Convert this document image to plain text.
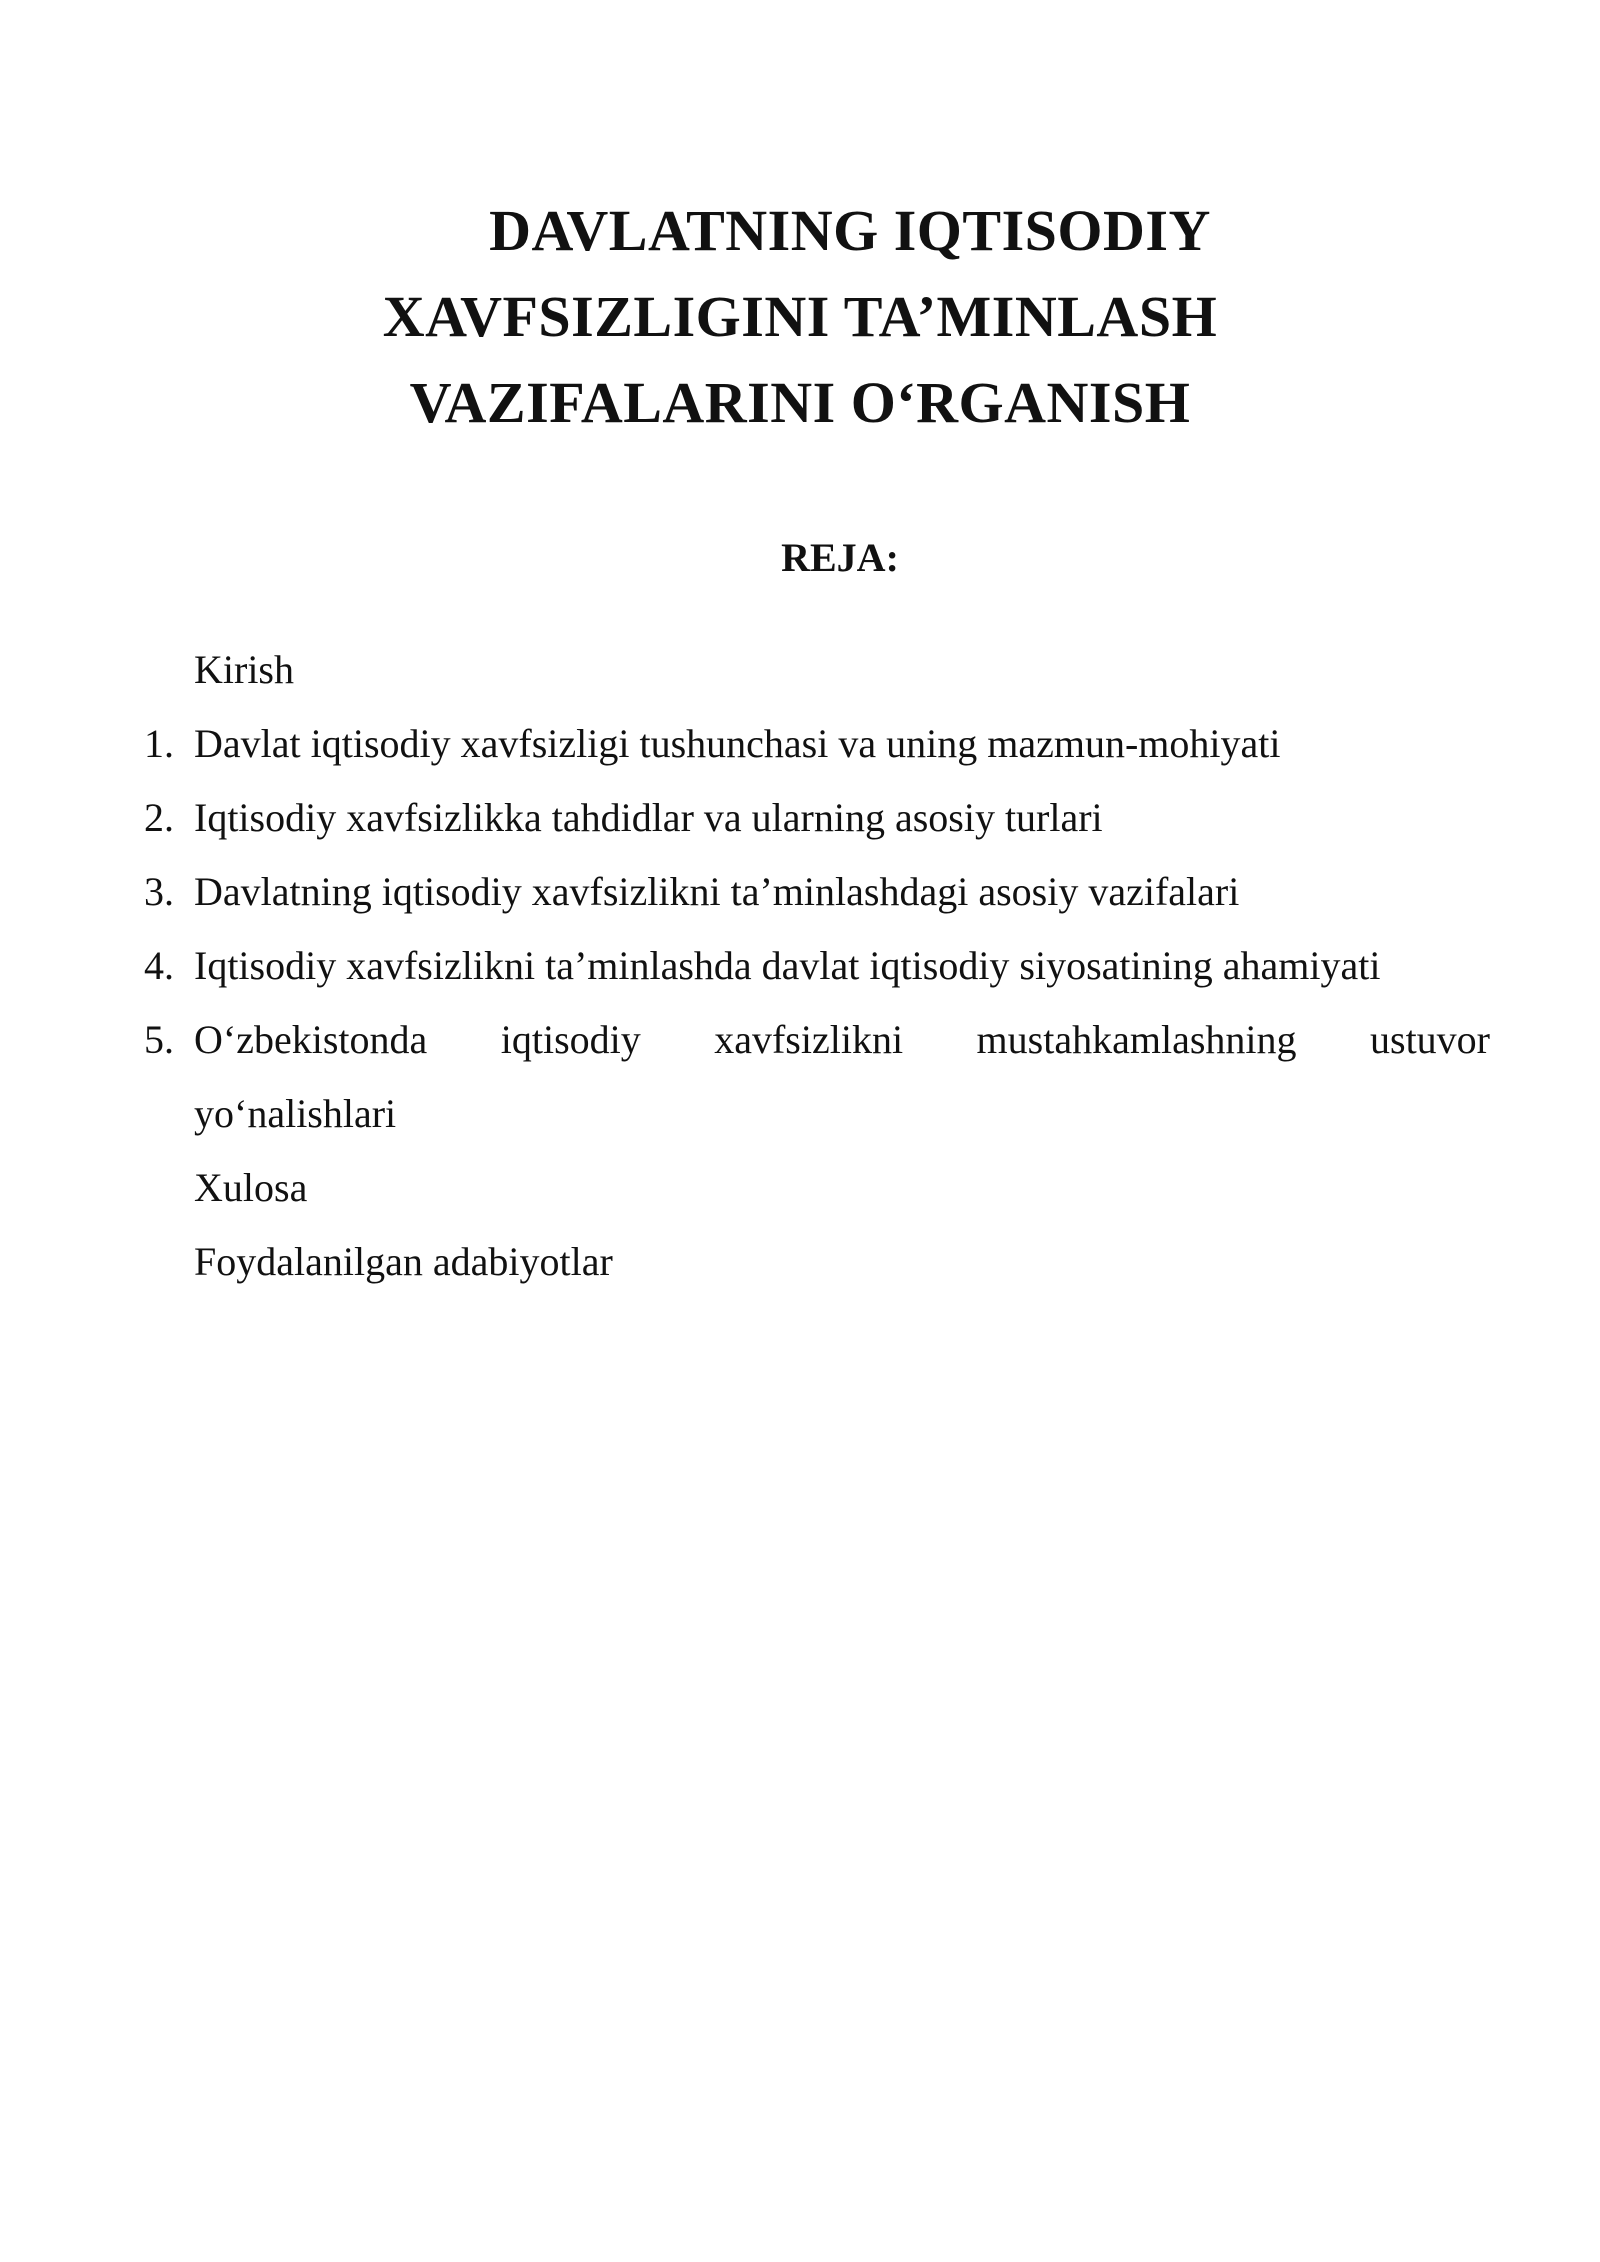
DAVLATNING IQTISODIY
XAVFSIZLIGINI TA’MINLASH
VAZIFALARINI O‘RGANISH
REJA:
Kirish
1. Davlat iqtisodiy xavfsizligi tushunchasi va uning mazmun-mohiyati
2. Iqtisodiy xavfsizlikka tahdidlar va ularning asosiy turlari
3. Davlatning iqtisodiy xavfsizlikni ta’minlashdagi asosiy vazifalari
4. Iqtisodiy xavfsizlikni ta’minlashda davlat iqtisodiy siyosatining ahamiyati
5. O‘zbekistonda iqtisodiy xavfsizlikni mustahkamlashning ustuvor
yo‘nalishlari
Xulosa
Foydalanilgan adabiyotlar
